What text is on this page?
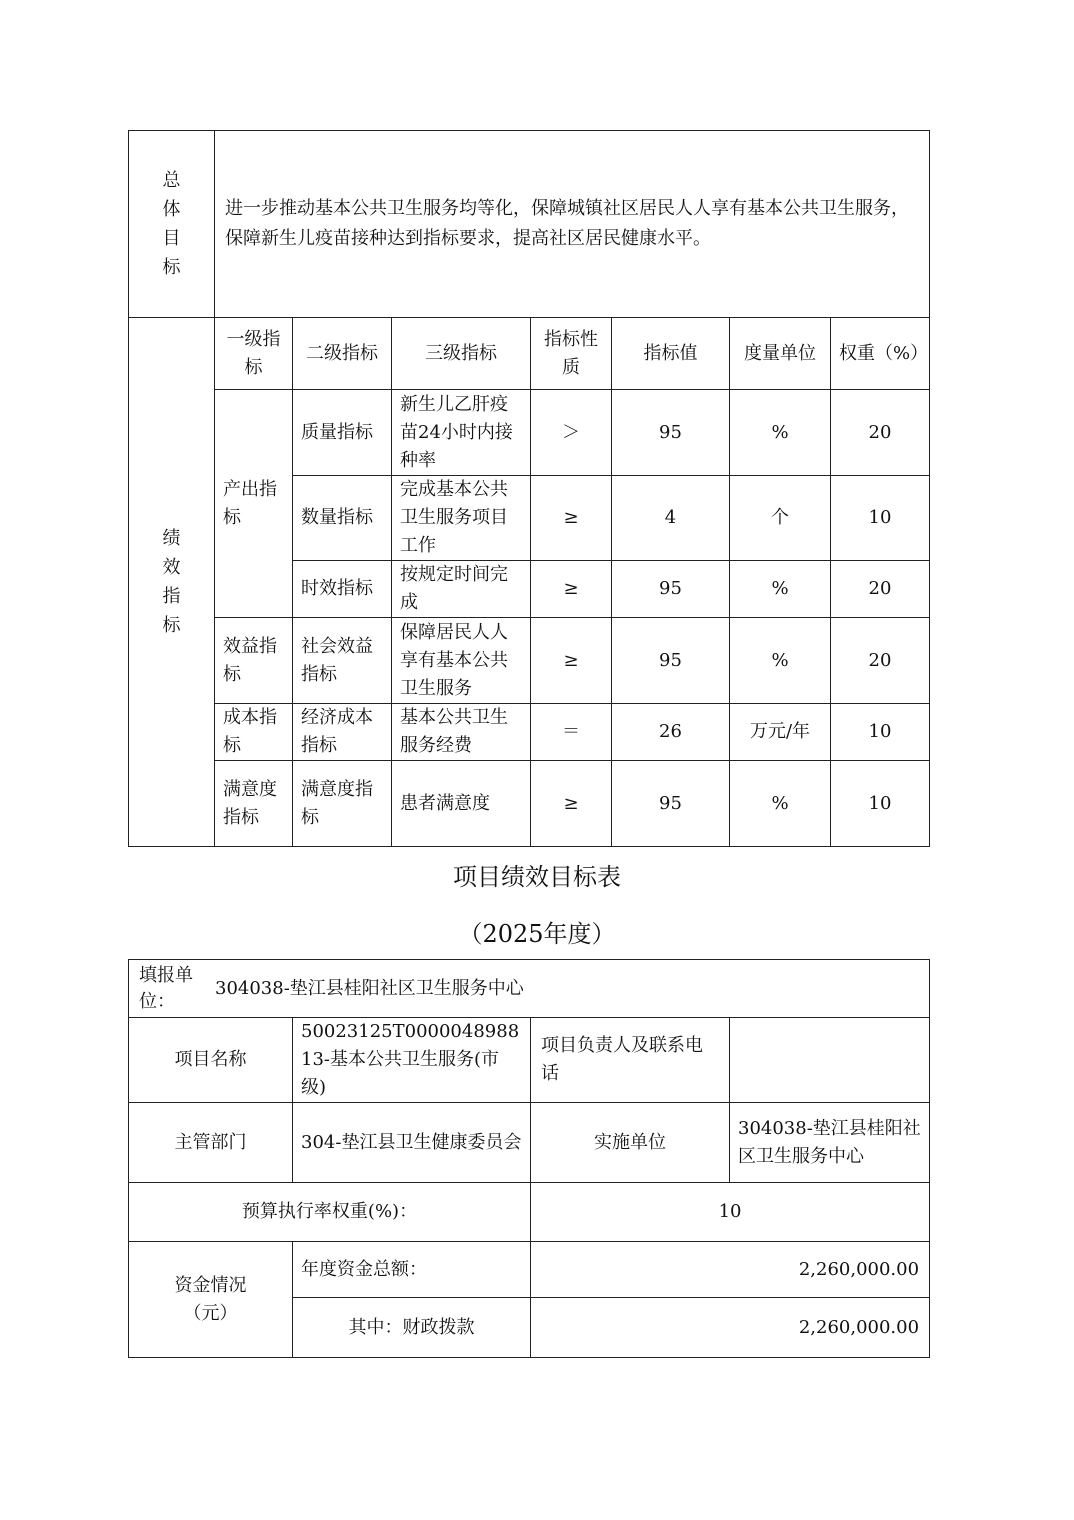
总
体
目
标	进一步推动基本公共卫生服务均等化，保障城镇社区居民人人享有基本公共卫生服务，保障新生儿疫苗接种达到指标要求，提高社区居民健康水平。						
绩
效
指
标	一级指标	二级指标	三级指标	指标性质	指标值	度量单位	权重（%）
	产出指标	质量指标	新生儿乙肝疫苗24小时内接种率	＞	95	%	20
		数量指标	完成基本公共卫生服务项目工作	≥	4	个	10
		时效指标	按规定时间完成	≥	95	%	20
	效益指标	社会效益指标	保障居民人人享有基本公共卫生服务	≥	95	%	20
	成本指标	经济成本指标	基本公共卫生服务经费	＝	26	万元/年	10
	满意度指标	满意度指标	患者满意度	≥	95	%	10
项目绩效目标表
（2025年度）
填报单位：304038-垫江县桂阳社区卫生服务中心			
项目名称	50023125T000004898813-基本公共卫生服务(市级)	项目负责人及联系电话	
主管部门	304-垫江县卫生健康委员会	实施单位	304038-垫江县桂阳社区卫生服务中心
预算执行率权重(%)：		10	
资金情况（元）	年度资金总额：	2,260,000.00	
	其中：财政拨款	2,260,000.00	
